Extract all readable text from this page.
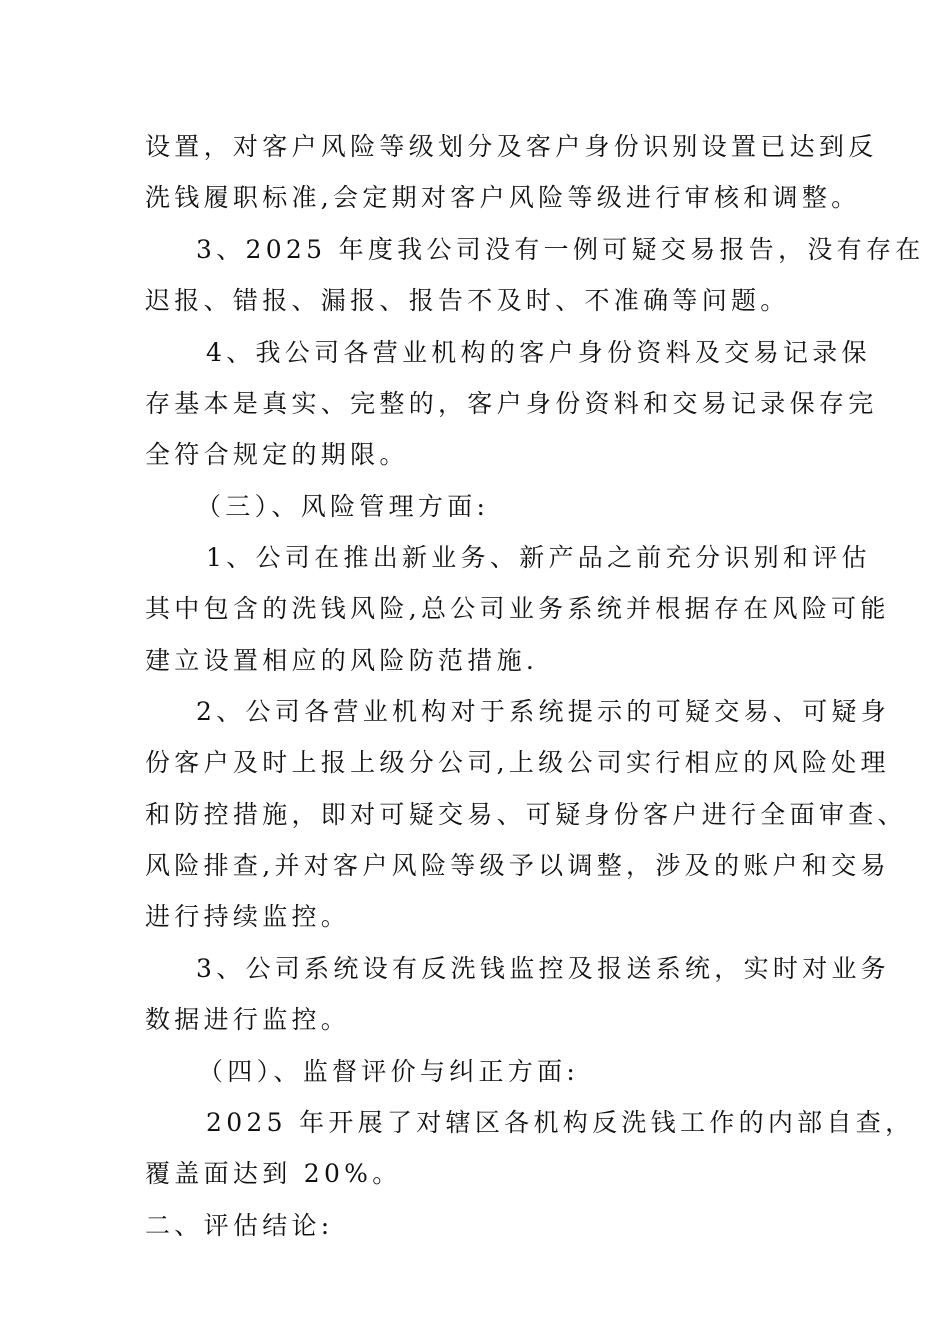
设置，对客户风险等级划分及客户身份识别设置已达到反
洗钱履职标准,会定期对客户风险等级进行审核和调整。
3、2025 年度我公司没有一例可疑交易报告，没有存在
迟报、错报、漏报、报告不及时、不准确等问题。
4、我公司各营业机构的客户身份资料及交易记录保
存基本是真实、完整的，客户身份资料和交易记录保存完
全符合规定的期限。
（三）、风险管理方面:
1、公司在推出新业务、新产品之前充分识别和评估
其中包含的洗钱风险,总公司业务系统并根据存在风险可能
建立设置相应的风险防范措施.
2、公司各营业机构对于系统提示的可疑交易、可疑身
份客户及时上报上级分公司,上级公司实行相应的风险处理
和防控措施，即对可疑交易、可疑身份客户进行全面审查、
风险排查,并对客户风险等级予以调整，涉及的账户和交易
进行持续监控。
3、公司系统设有反洗钱监控及报送系统，实时对业务
数据进行监控。
（四）、监督评价与纠正方面:
2025 年开展了对辖区各机构反洗钱工作的内部自查，
覆盖面达到 20%。
二、评估结论:
